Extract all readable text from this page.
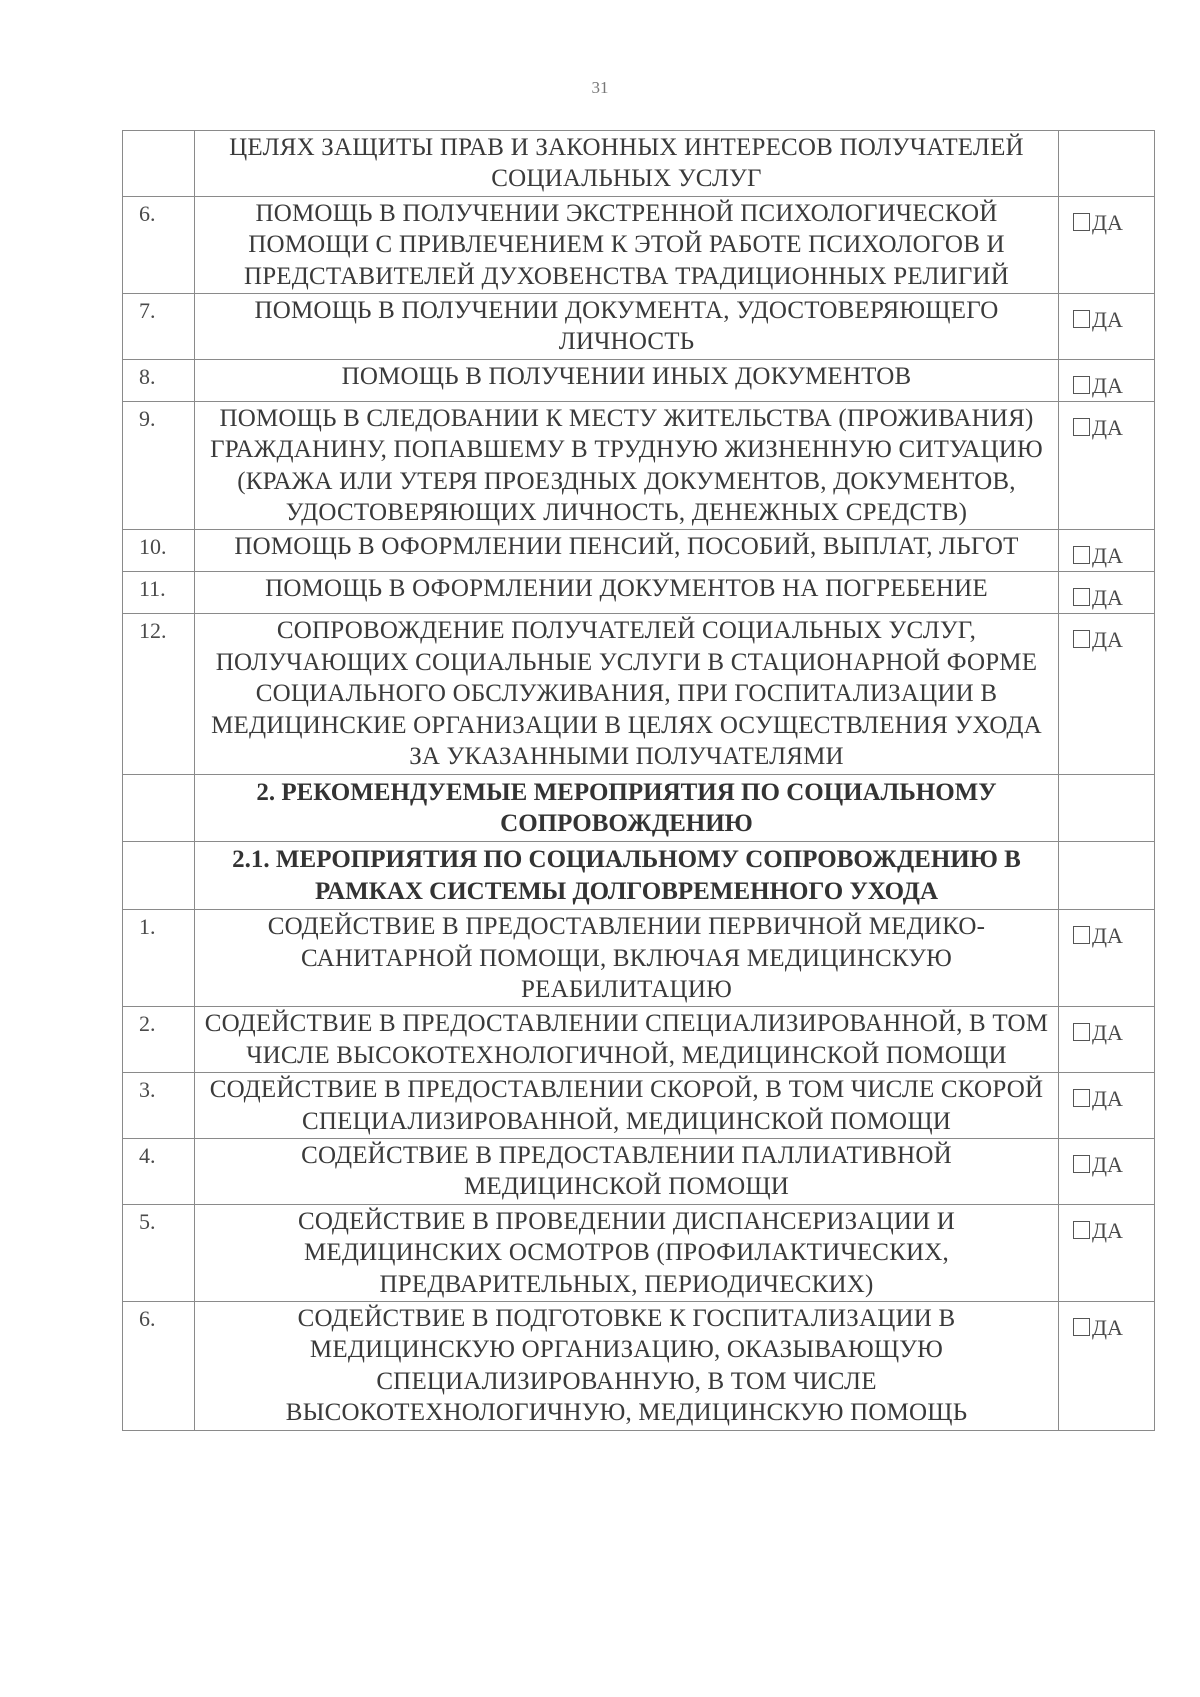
31
	ЦЕЛЯХ ЗАЩИТЫ ПРАВ И ЗАКОННЫХ ИНТЕРЕСОВ ПОЛУЧАТЕЛЕЙ СОЦИАЛЬНЫХ УСЛУГ	
6.	ПОМОЩЬ В ПОЛУЧЕНИИ ЭКСТРЕННОЙ ПСИХОЛОГИЧЕСКОЙ ПОМОЩИ С ПРИВЛЕЧЕНИЕМ К ЭТОЙ РАБОТЕ ПСИХОЛОГОВ И ПРЕДСТАВИТЕЛЕЙ ДУХОВЕНСТВА ТРАДИЦИОННЫХ РЕЛИГИЙ	ДА
7.	ПОМОЩЬ В ПОЛУЧЕНИИ ДОКУМЕНТА, УДОСТОВЕРЯЮЩЕГО ЛИЧНОСТЬ	ДА
8.	ПОМОЩЬ В ПОЛУЧЕНИИ ИНЫХ ДОКУМЕНТОВ	ДА
9.	ПОМОЩЬ В СЛЕДОВАНИИ К МЕСТУ ЖИТЕЛЬСТВА (ПРОЖИВАНИЯ) ГРАЖДАНИНУ, ПОПАВШЕМУ В ТРУДНУЮ ЖИЗНЕННУЮ СИТУАЦИЮ (КРАЖА ИЛИ УТЕРЯ ПРОЕЗДНЫХ ДОКУМЕНТОВ, ДОКУМЕНТОВ, УДОСТОВЕРЯЮЩИХ ЛИЧНОСТЬ, ДЕНЕЖНЫХ СРЕДСТВ)	ДА
10.	ПОМОЩЬ В ОФОРМЛЕНИИ ПЕНСИЙ, ПОСОБИЙ, ВЫПЛАТ, ЛЬГОТ	ДА
11.	ПОМОЩЬ В ОФОРМЛЕНИИ ДОКУМЕНТОВ НА ПОГРЕБЕНИЕ	ДА
12.	СОПРОВОЖДЕНИЕ ПОЛУЧАТЕЛЕЙ СОЦИАЛЬНЫХ УСЛУГ, ПОЛУЧАЮЩИХ СОЦИАЛЬНЫЕ УСЛУГИ В СТАЦИОНАРНОЙ ФОРМЕ СОЦИАЛЬНОГО ОБСЛУЖИВАНИЯ, ПРИ ГОСПИТАЛИЗАЦИИ В МЕДИЦИНСКИЕ ОРГАНИЗАЦИИ В ЦЕЛЯХ ОСУЩЕСТВЛЕНИЯ УХОДА ЗА УКАЗАННЫМИ ПОЛУЧАТЕЛЯМИ	ДА
	2. РЕКОМЕНДУЕМЫЕ МЕРОПРИЯТИЯ ПО СОЦИАЛЬНОМУ СОПРОВОЖДЕНИЮ	
	2.1. МЕРОПРИЯТИЯ ПО СОЦИАЛЬНОМУ СОПРОВОЖДЕНИЮ В РАМКАХ СИСТЕМЫ ДОЛГОВРЕМЕННОГО УХОДА	
1.	СОДЕЙСТВИЕ В ПРЕДОСТАВЛЕНИИ ПЕРВИЧНОЙ МЕДИКО-САНИТАРНОЙ ПОМОЩИ, ВКЛЮЧАЯ МЕДИЦИНСКУЮ РЕАБИЛИТАЦИЮ	ДА
2.	СОДЕЙСТВИЕ В ПРЕДОСТАВЛЕНИИ СПЕЦИАЛИЗИРОВАННОЙ, В ТОМ ЧИСЛЕ ВЫСОКОТЕХНОЛОГИЧНОЙ, МЕДИЦИНСКОЙ ПОМОЩИ	ДА
3.	СОДЕЙСТВИЕ В ПРЕДОСТАВЛЕНИИ СКОРОЙ, В ТОМ ЧИСЛЕ СКОРОЙ СПЕЦИАЛИЗИРОВАННОЙ, МЕДИЦИНСКОЙ ПОМОЩИ	ДА
4.	СОДЕЙСТВИЕ В ПРЕДОСТАВЛЕНИИ ПАЛЛИАТИВНОЙ МЕДИЦИНСКОЙ ПОМОЩИ	ДА
5.	СОДЕЙСТВИЕ В ПРОВЕДЕНИИ ДИСПАНСЕРИЗАЦИИ И МЕДИЦИНСКИХ ОСМОТРОВ (ПРОФИЛАКТИЧЕСКИХ, ПРЕДВАРИТЕЛЬНЫХ, ПЕРИОДИЧЕСКИХ)	ДА
6.	СОДЕЙСТВИЕ В ПОДГОТОВКЕ К ГОСПИТАЛИЗАЦИИ В МЕДИЦИНСКУЮ ОРГАНИЗАЦИЮ, ОКАЗЫВАЮЩУЮ СПЕЦИАЛИЗИРОВАННУЮ, В ТОМ ЧИСЛЕ ВЫСОКОТЕХНОЛОГИЧНУЮ, МЕДИЦИНСКУЮ ПОМОЩЬ	ДА
